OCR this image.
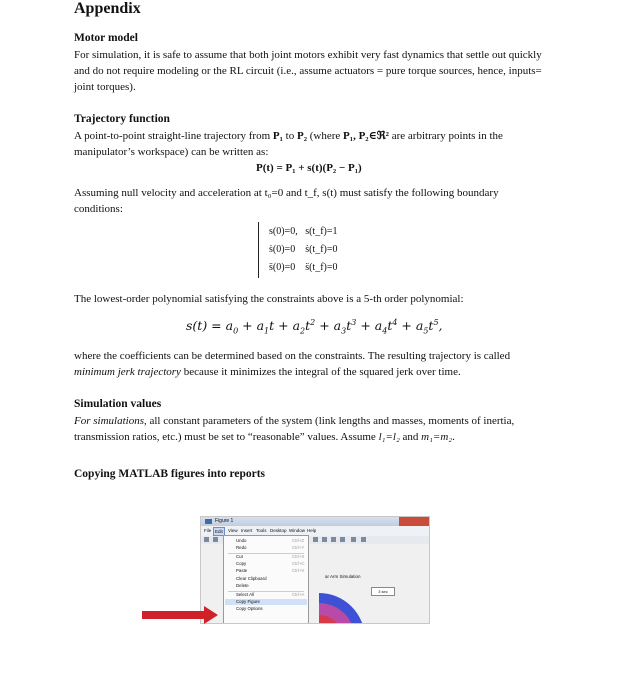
Appendix
Motor model
For simulation, it is safe to assume that both joint motors exhibit very fast dynamics that settle out quickly and do not require modeling or the RL circuit (i.e., assume actuators = pure torque sources, hence, inputs= joint torques).
Trajectory function
A point-to-point straight-line trajectory from P₁ to P₂ (where P₁, P₂∈ℜ² are arbitrary points in the manipulator’s workspace) can be written as:
P(t) = P₁ + s(t)(P₂ − P₁)
Assuming null velocity and acceleration at t₀=0 and t_f, s(t) must satisfy the following boundary conditions:
s(0)=0,   s(t_f)=1
ṡ(0)=0    ṡ(t_f)=0
s̈(0)=0    s̈(t_f)=0
The lowest-order polynomial satisfying the constraints above is a 5-th order polynomial:
$s(t) = a_0 + a_1t + a_2t^2 + a_3t^3 + a_4t^4 + a_5t^5$,
where the coefficients can be determined based on the constraints. The resulting trajectory is called minimum jerk trajectory because it minimizes the integral of the squared jerk over time.
Simulation values
For simulations, all constant parameters of the system (link lengths and masses, moments of inertia, transmission ratios, etc.) must be set to “reasonable” values. Assume l₁=l₂ and m₁=m₂.
Copying MATLAB figures into reports
Figure 1
File Edit	View Insert Tools Desktop Window Help
ar Arm Simulation
3 sec
Undo	Ctrl+Z
Redo	Ctrl+Y
Cut	Ctrl+X
Copy	Ctrl+C
Paste	Ctrl+V
Clear Clipboard
Delete
Select All	Ctrl+A
Copy Figure
Copy Options
